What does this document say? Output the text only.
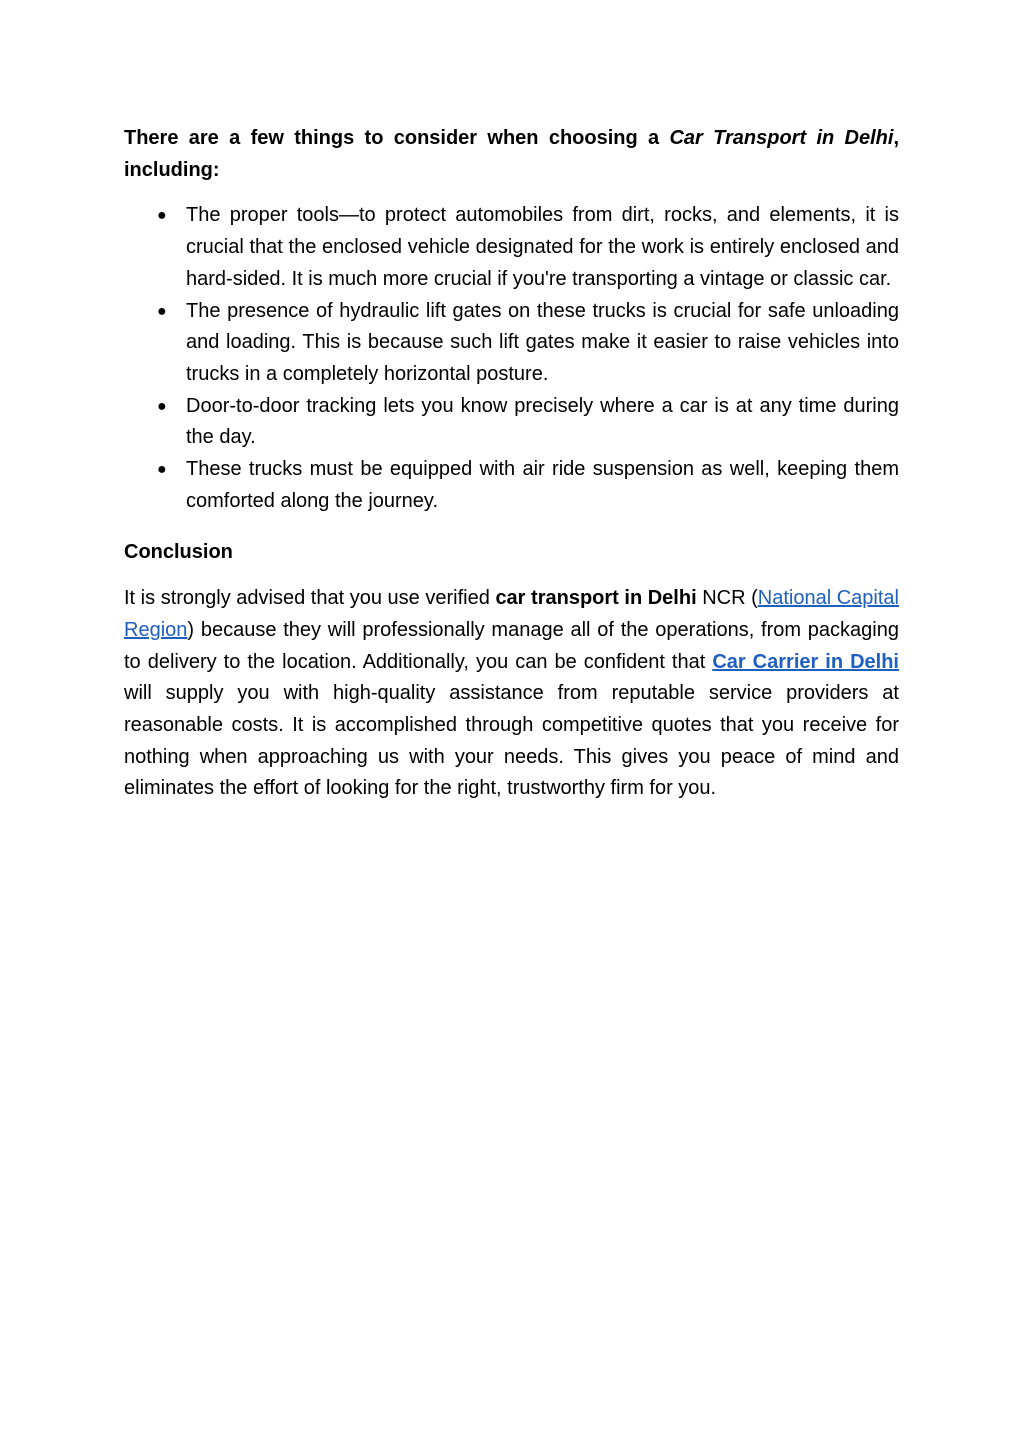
There are a few things to consider when choosing a Car Transport in Delhi, including:

● The proper tools—to protect automobiles from dirt, rocks, and elements, it is crucial that the enclosed vehicle designated for the work is entirely enclosed and hard-sided. It is much more crucial if you're transporting a vintage or classic car.
● The presence of hydraulic lift gates on these trucks is crucial for safe unloading and loading. This is because such lift gates make it easier to raise vehicles into trucks in a completely horizontal posture.
● Door-to-door tracking lets you know precisely where a car is at any time during the day.
● These trucks must be equipped with air ride suspension as well, keeping them comforted along the journey.

Conclusion

It is strongly advised that you use verified car transport in Delhi NCR (National Capital Region) because they will professionally manage all of the operations, from packaging to delivery to the location. Additionally, you can be confident that Car Carrier in Delhi will supply you with high-quality assistance from reputable service providers at reasonable costs. It is accomplished through competitive quotes that you receive for nothing when approaching us with your needs. This gives you peace of mind and eliminates the effort of looking for the right, trustworthy firm for you.
